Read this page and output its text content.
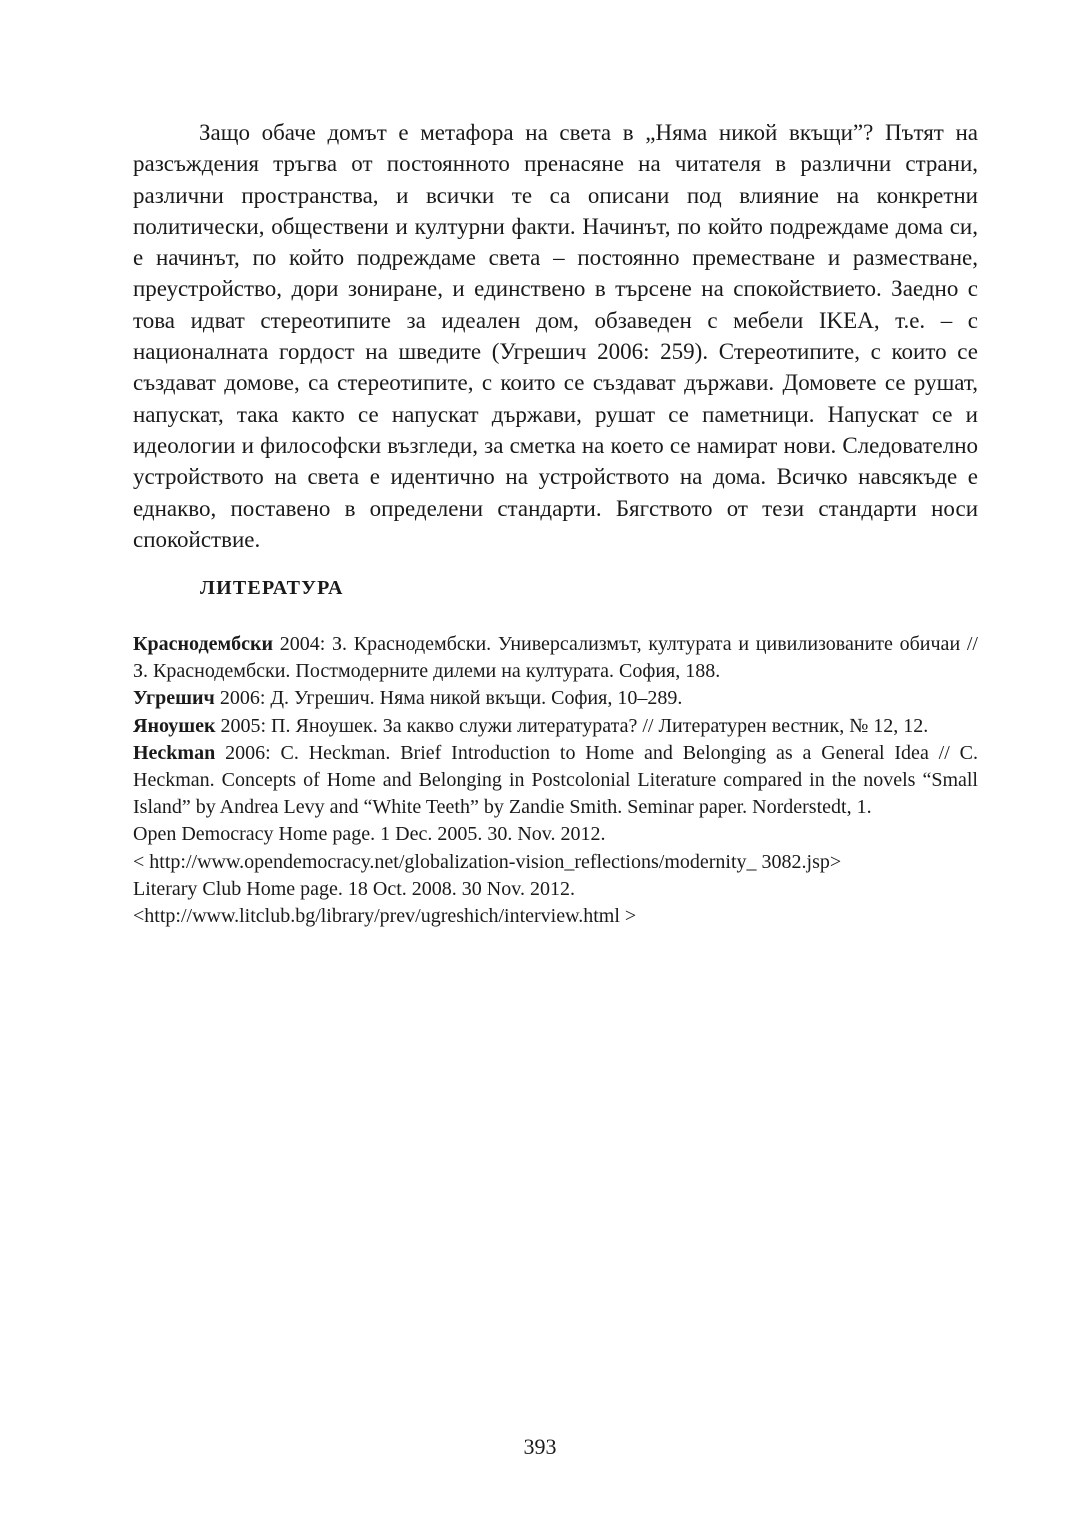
Защо обаче домът е метафора на света в „Няма никой вкъщи”? Пътят на разсъждения тръгва от постоянното пренасяне на читателя в различни страни, различни пространства, и всички те са описани под влияние на конкретни политически, обществени и културни факти. Начинът, по който подреждаме дома си, е начинът, по който подреждаме света – постоянно преместване и разместване, преустройство, дори зониране, и единствено в търсене на спокойствието. Заедно с това идват стереотипите за идеален дом, обзаведен с мебели IKEA, т.е. – с националната гордост на шведите (Угрешич 2006: 259). Стереотипите, с които се създават домове, са стереотипите, с които се създават държави. Домовете се рушат, напускат, така както се напускат държави, рушат се паметници. Напускат се и идеологии и философски възгледи, за сметка на което се намират нови. Следователно устройството на света е идентично на устройството на дома. Всичко навсякъде е еднакво, поставено в определени стандарти. Бягството от тези стандарти носи спокойствие.

ЛИТЕРАТУРА
Краснодембски 2004: З. Краснодембски. Универсализмът, културата и цивилизованите обичаи // З. Краснодембски. Постмодерните дилеми на културата. София, 188.
Угрешич 2006: Д. Угрешич. Няма никой вкъщи. София, 10–289.
Яноушек 2005: П. Яноушек. За какво служи литературата? // Литературен вестник, № 12, 12.
Heckman 2006: C. Heckman. Brief Introduction to Home and Belonging as a General Idea // C. Heckman. Concepts of Home and Belonging in Postcolonial Literature compared in the novels “Small Island” by Andrea Levy and “White Teeth” by Zandie Smith. Seminar paper. Norderstedt, 1.
Open Democracy Home page. 1 Dec. 2005. 30. Nov. 2012.
< http://www.opendemocracy.net/globalization-vision_reflections/modernity_ 3082.jsp>
Literary Club Home page. 18 Oct. 2008. 30 Nov. 2012.
<http://www.litclub.bg/library/prev/ugreshich/interview.html >
393
